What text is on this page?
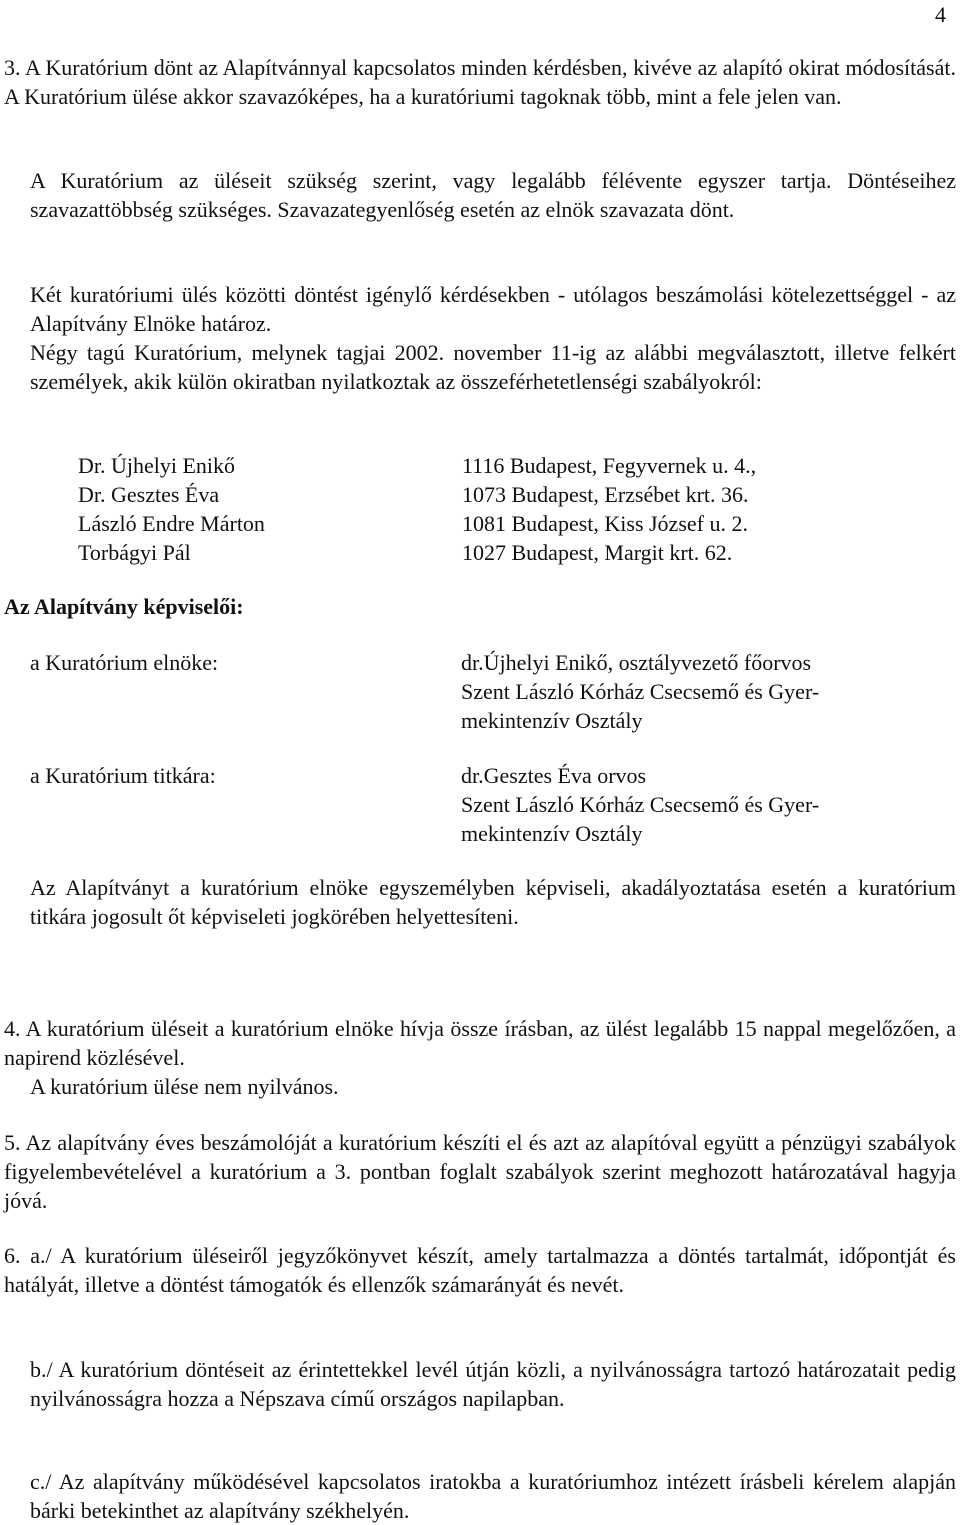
4

3. A Kuratórium dönt az Alapítvánnyal kapcsolatos minden kérdésben, kivéve az alapító okirat módosítását. A Kuratórium ülése akkor szavazóképes, ha a kuratóriumi tagoknak több, mint a fele jelen van.

A Kuratórium az üléseit szükség szerint, vagy legalább félévente egyszer tartja. Döntéseihez szavazattöbbség szükséges. Szavazategyenlőség esetén az elnök szavazata dönt.

Két kuratóriumi ülés közötti döntést igénylő kérdésekben - utólagos beszámolási kötelezettséggel - az Alapítvány Elnöke határoz.

Négy tagú Kuratórium, melynek tagjai 2002. november 11-ig az alábbi megválasztott, illetve felkért személyek, akik külön okiratban nyilatkoztak az összeférhetetlenségi szabályokról:

Dr. Újhelyi Enikő	1116 Budapest, Fegyvernek u. 4.,
Dr. Gesztes Éva	1073 Budapest, Erzsébet krt. 36.
László Endre Márton	1081 Budapest, Kiss József u. 2.
Torbágyi Pál	1027 Budapest, Margit krt. 62.
Az Alapítvány képviselői:
a Kuratórium elnöke:	dr.Újhelyi Enikő, osztályvezető főorvos
Szent László Kórház Csecsemő és Gyer-
mekintenzív Osztály
a Kuratórium titkára:	dr.Gesztes Éva orvos
Szent László Kórház Csecsemő és Gyer-
mekintenzív Osztály

Az Alapítványt a kuratórium elnöke egyszemélyben képviseli, akadályoztatása esetén a kuratórium titkára jogosult őt képviseleti jogkörében helyettesíteni.

4. A kuratórium üléseit a kuratórium elnöke hívja össze írásban, az ülést legalább 15 nappal megelőzően, a napirend közlésével.

A kuratórium ülése nem nyilvános.

5. Az alapítvány éves beszámolóját a kuratórium készíti el és azt az alapítóval együtt a pénzügyi szabályok figyelembevételével a kuratórium a 3. pontban foglalt szabályok szerint meghozott határozatával hagyja jóvá.

6. a./ A kuratórium üléseiről jegyzőkönyvet készít, amely tartalmazza a döntés tartalmát, időpontját és hatályát, illetve a döntést támogatók és ellenzők számarányát és nevét.

b./ A kuratórium döntéseit az érintettekkel levél útján közli, a nyilvánosságra tartozó határozatait pedig nyilvánosságra hozza a Népszava című országos napilapban.

c./ Az alapítvány működésével kapcsolatos iratokba a kuratóriumhoz intézett írásbeli kérelem alapján bárki betekinthet az alapítvány székhelyén.
